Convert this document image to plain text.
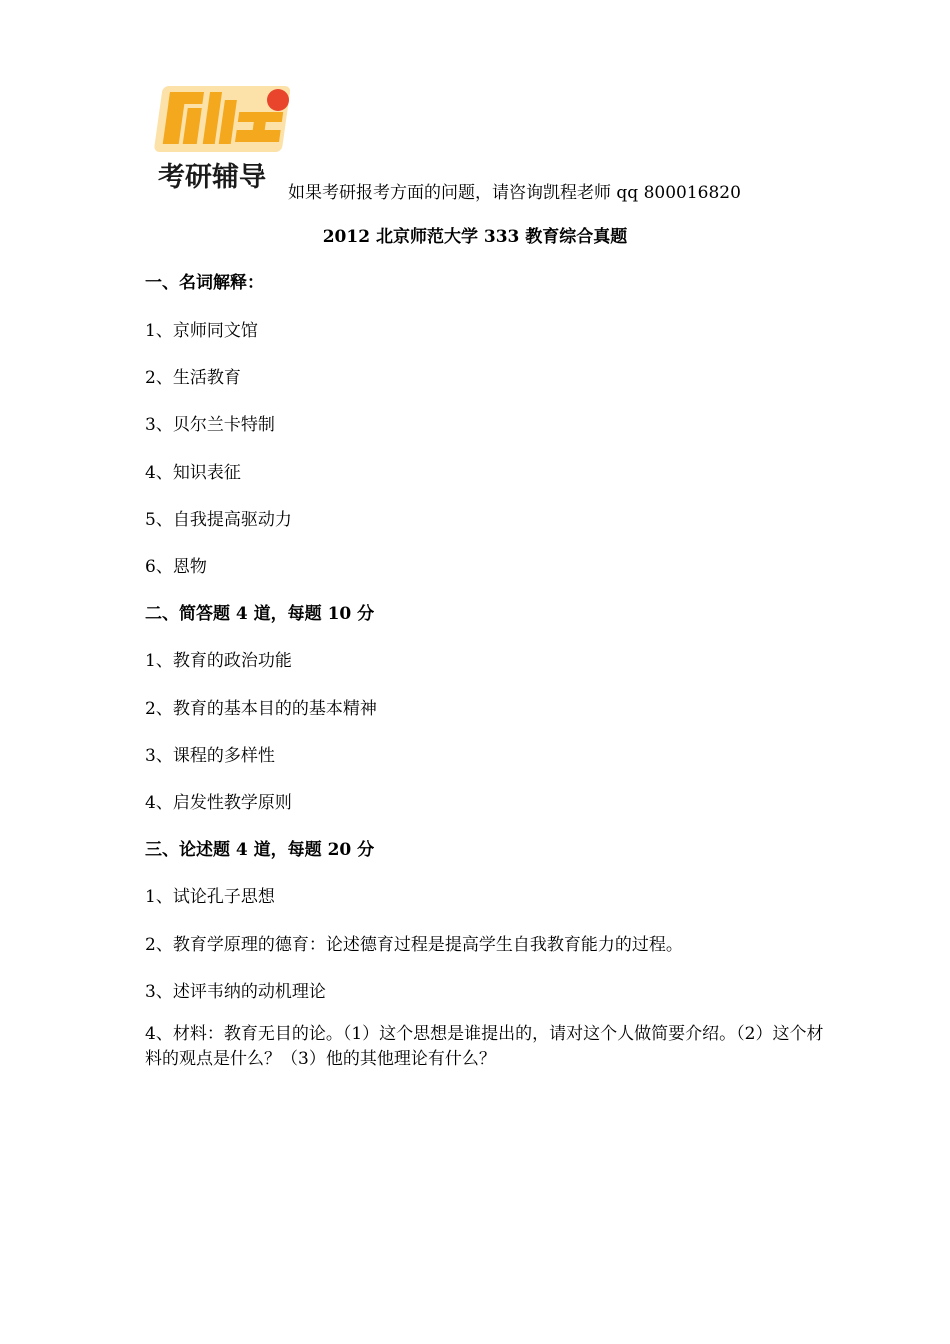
考研辅导 如果考研报考方面的问题，请咨询凯程老师 qq 800016820
2012 北京师范大学 333 教育综合真题
一、名词解释：
1、京师同文馆
2、生活教育
3、贝尔兰卡特制
4、知识表征
5、自我提高驱动力
6、恩物
二、简答题 4 道，每题 10 分
1、教育的政治功能
2、教育的基本目的的基本精神
3、课程的多样性
4、启发性教学原则
三、论述题 4 道，每题 20 分
1、试论孔子思想
2、教育学原理的德育：论述德育过程是提高学生自我教育能力的过程。
3、述评韦纳的动机理论
4、材料：教育无目的论。（1）这个思想是谁提出的，请对这个人做简要介绍。（2）这个材料的观点是什么？（3）他的其他理论有什么？
